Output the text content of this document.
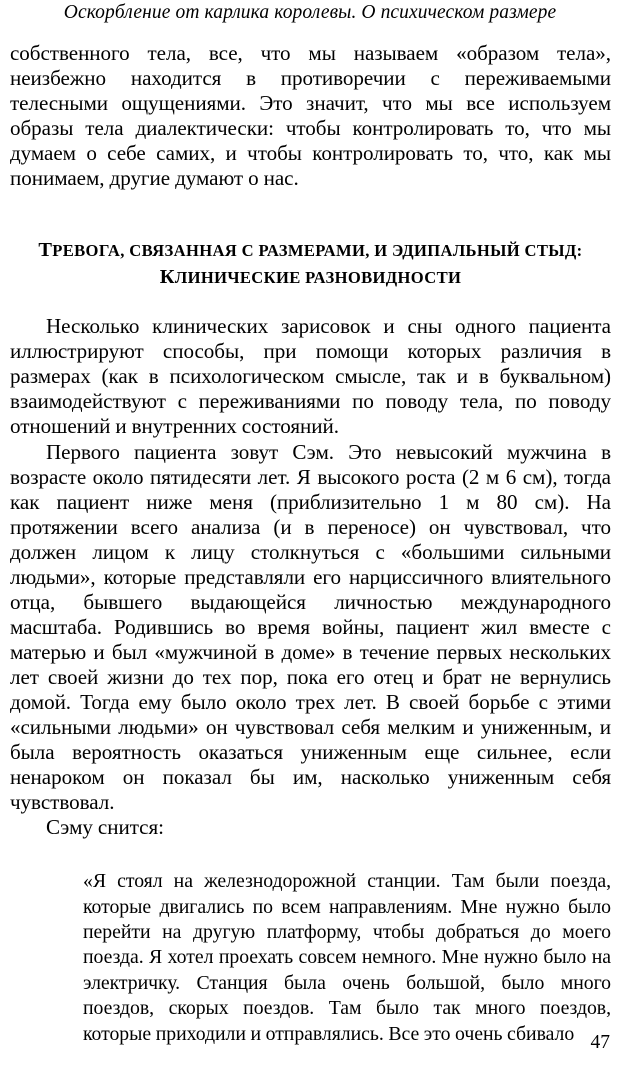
Оскорбление от карлика королевы. О психическом размере

собственного тела, все, что мы называем «образом тела», неизбежно находится в противоречии с переживаемыми телесными ощущениями. Это значит, что мы все используем образы тела диалектически: чтобы контролировать то, что мы думаем о себе самих, и чтобы контролировать то, что, как мы понимаем, другие думают о нас.

ТРЕВОГА, СВЯЗАННАЯ С РАЗМЕРАМИ, И ЭДИПАЛЬНЫЙ СТЫД:
КЛИНИЧЕСКИЕ РАЗНОВИДНОСТИ

Несколько клинических зарисовок и сны одного пациента иллюстрируют способы, при помощи которых различия в размерах (как в психологическом смысле, так и в буквальном) взаимодействуют с переживаниями по поводу тела, по поводу отношений и внутренних состояний.

Первого пациента зовут Сэм. Это невысокий мужчина в возрасте около пятидесяти лет. Я высокого роста (2 м 6 см), тогда как пациент ниже меня (приблизительно 1 м 80 см). На протяжении всего анализа (и в переносе) он чувствовал, что должен лицом к лицу столкнуться с «большими сильными людьми», которые представляли его нарциссичного влиятельного отца, бывшего выдающейся личностью международного масштаба. Родившись во время войны, пациент жил вместе с матерью и был «мужчиной в доме» в течение первых нескольких лет своей жизни до тех пор, пока его отец и брат не вернулись домой. Тогда ему было около трех лет. В своей борьбе с этими «сильными людьми» он чувствовал себя мелким и униженным, и была вероятность оказаться униженным еще сильнее, если ненароком он показал бы им, насколько униженным себя чувствовал.

Сэму снится:

«Я стоял на железнодорожной станции. Там были поезда, которые двигались по всем направлениям. Мне нужно было перейти на другую платформу, чтобы добраться до моего поезда. Я хотел проехать совсем немного. Мне нужно было на электричку. Станция была очень большой, было много поездов, скорых поездов. Там было так много поездов, которые приходили и отправлялись. Все это очень сбивало 47
